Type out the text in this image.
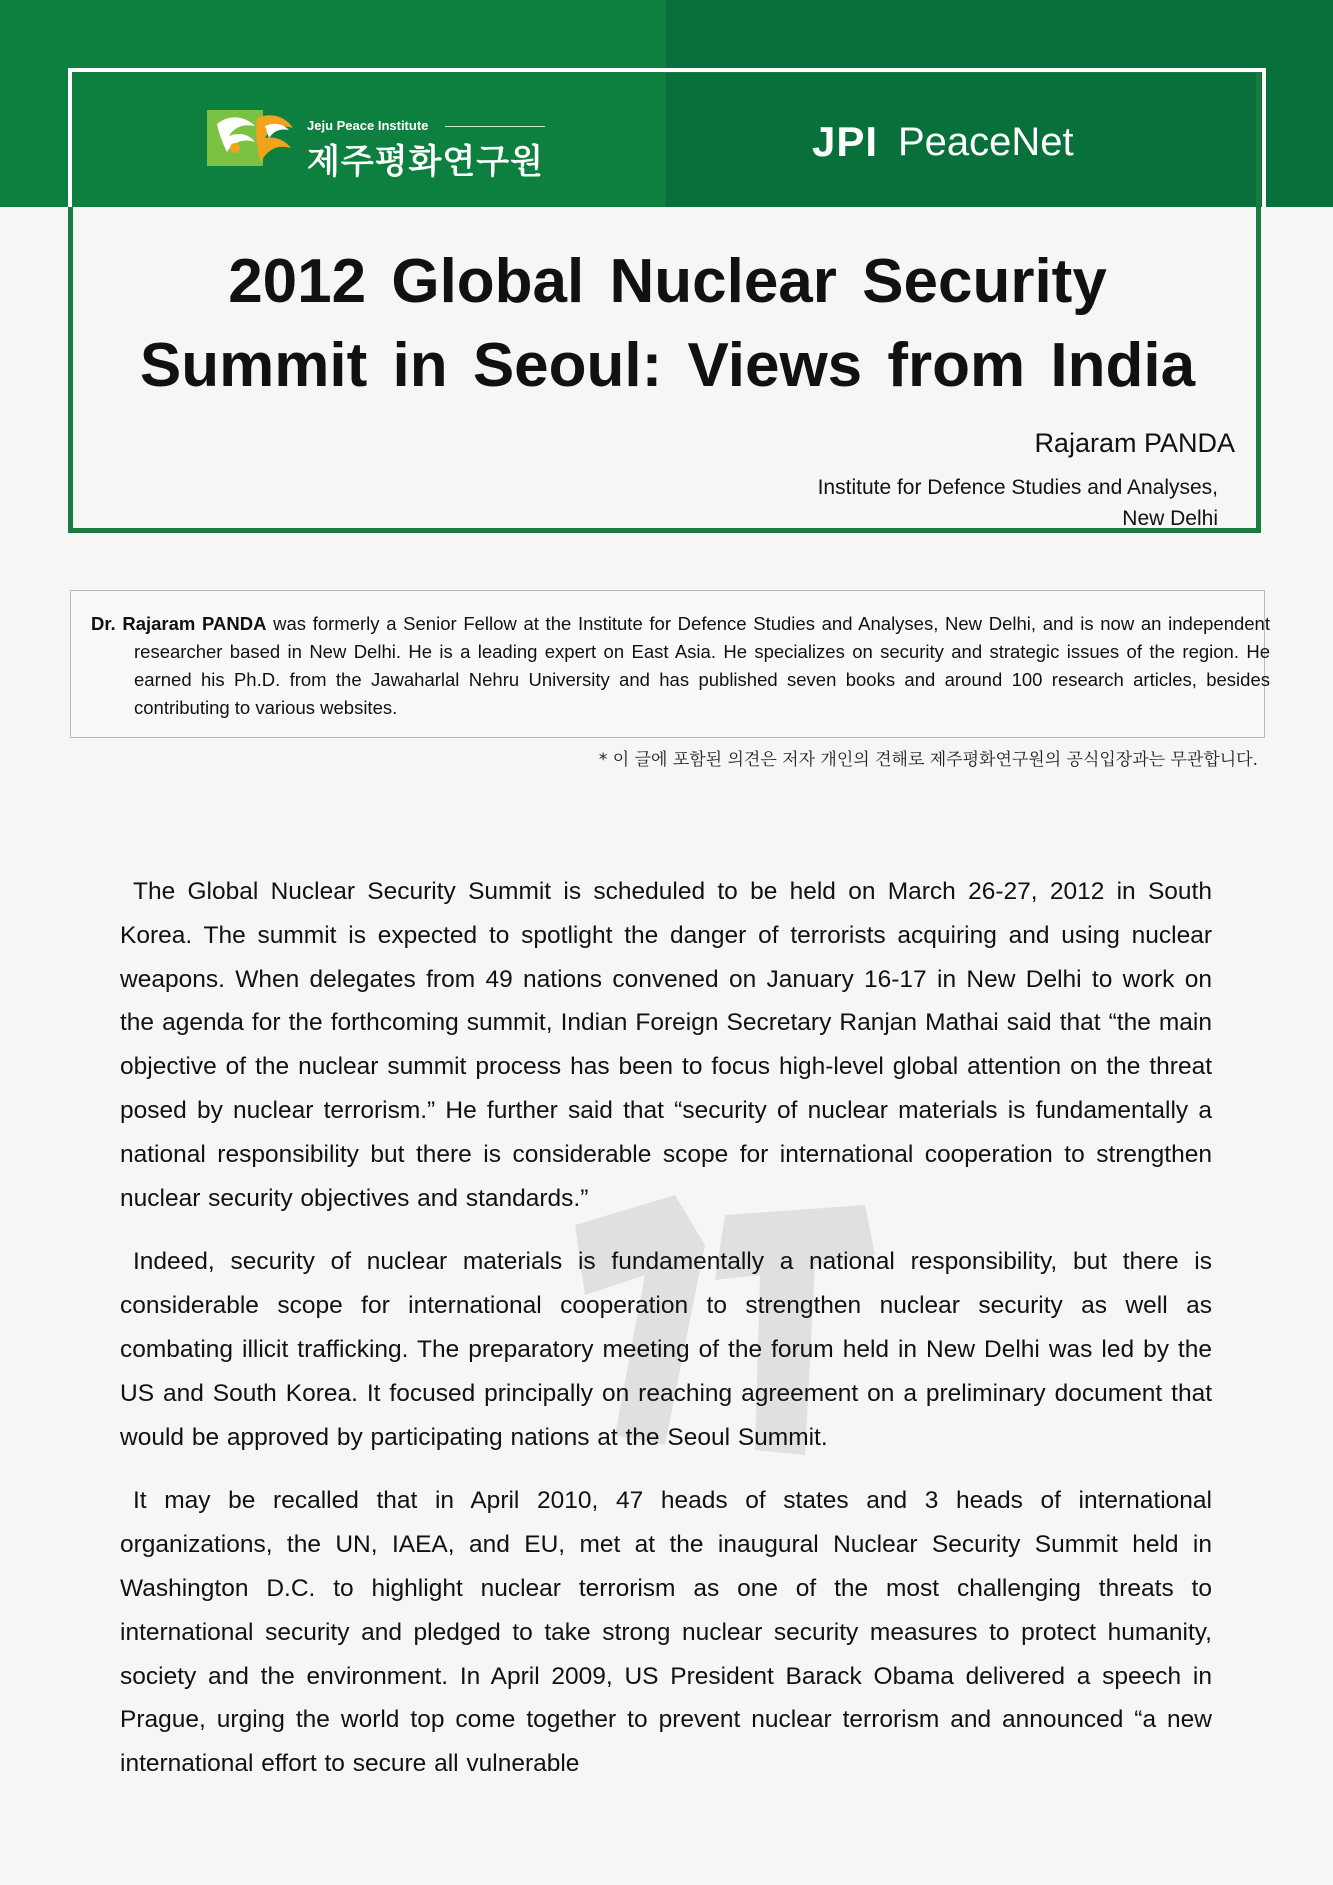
Jeju Peace Institute
제주평화연구원	JPI PeaceNet
2012 Global Nuclear Security
Summit in Seoul: Views from India
Rajaram PANDA
Institute for Defence Studies and Analyses,
New Delhi

Dr. Rajaram PANDA was formerly a Senior Fellow at the Institute for Defence Studies and Analyses, New Delhi, and is now an independent researcher based in New Delhi. He is a leading expert on East Asia. He specializes on security and strategic issues of the region. He earned his Ph.D. from the Jawaharlal Nehru University and has published seven books and around 100 research articles, besides contributing to various websites.

* 이 글에 포함된 의견은 저자 개인의 견해로 제주평화연구원의 공식입장과는 무관합니다.

The Global Nuclear Security Summit is scheduled to be held on March 26-27, 2012 in South Korea. The summit is expected to spotlight the danger of terrorists acquiring and using nuclear weapons. When delegates from 49 nations convened on January 16-17 in New Delhi to work on the agenda for the forthcoming summit, Indian Foreign Secretary Ranjan Mathai said that “the main objective of the nuclear summit process has been to focus high-level global attention on the threat posed by nuclear terrorism.” He further said that “security of nuclear materials is fundamentally a national responsibility but there is considerable scope for international cooperation to strengthen nuclear security objectives and standards.”

Indeed, security of nuclear materials is fundamentally a national responsibility, but there is considerable scope for international cooperation to strengthen nuclear security as well as combating illicit trafficking. The preparatory meeting of the forum held in New Delhi was led by the US and South Korea. It focused principally on reaching agreement on a preliminary document that would be approved by participating nations at the Seoul Summit.

It may be recalled that in April 2010, 47 heads of states and 3 heads of international organizations, the UN, IAEA, and EU, met at the inaugural Nuclear Security Summit held in Washington D.C. to highlight nuclear terrorism as one of the most challenging threats to international security and pledged to take strong nuclear security measures to protect humanity, society and the environment. In April 2009, US President Barack Obama delivered a speech in Prague, urging the world top come together to prevent nuclear terrorism and announced “a new international effort to secure all vulnerable
